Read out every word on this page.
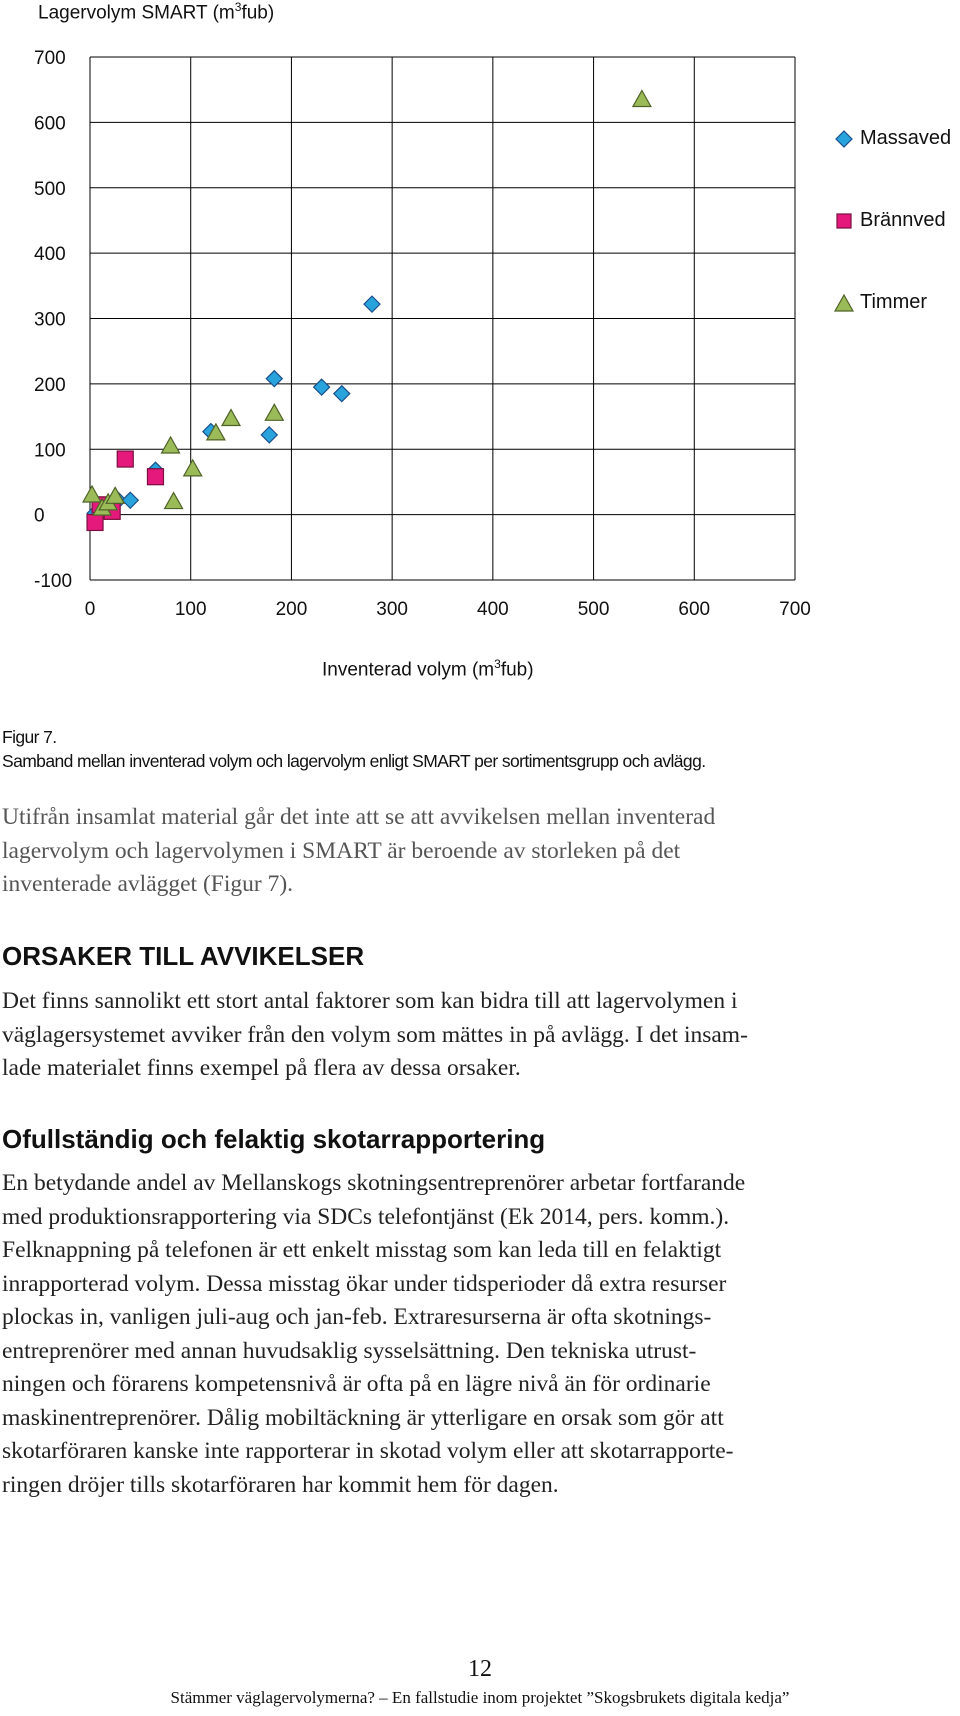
Lagervolym SMART $(m^3fub)$
700
600
500
400
300
200
100
0
-100
0	100	200	300	400	500	600	700
Inventerad volym $(m^3fub)$
Massaved
Brännved
Timmer
Figur 7.
Samband mellan inventerad volym och lagervolym enligt SMART per sortimentsgrupp och avlägg.

Utifrån insamlat material går det inte att se att avvikelsen mellan inventerad
lagervolym och lagervolymen i SMART är beroende av storleken på det
inventerade avlägget (Figur 7).

ORSAKER TILL AVVIKELSER

Det finns sannolikt ett stort antal faktorer som kan bidra till att lagervolymen i
väglagersystemet avviker från den volym som mättes in på avlägg. I det insam-
lade materialet finns exempel på flera av dessa orsaker.

Ofullständig och felaktig skotarrapportering

En betydande andel av Mellanskogs skotningsentreprenörer arbetar fortfarande
med produktionsrapportering via SDCs telefontjänst (Ek 2014, pers. komm.).
Felknappning på telefonen är ett enkelt misstag som kan leda till en felaktigt
inrapporterad volym. Dessa misstag ökar under tidsperioder då extra resurser
plockas in, vanligen juli-aug och jan-feb. Extraresurserna är ofta skotnings-
entreprenörer med annan huvudsaklig sysselsättning. Den tekniska utrust-
ningen och förarens kompetensnivå är ofta på en lägre nivå än för ordinarie
maskinentreprenörer. Dålig mobiltäckning är ytterligare en orsak som gör att
skotarföraren kanske inte rapporterar in skotad volym eller att skotarrapporte-
ringen dröjer tills skotarföraren har kommit hem för dagen.

12
Stämmer väglagervolymerna? – En fallstudie inom projektet ”Skogsbrukets digitala kedja”
